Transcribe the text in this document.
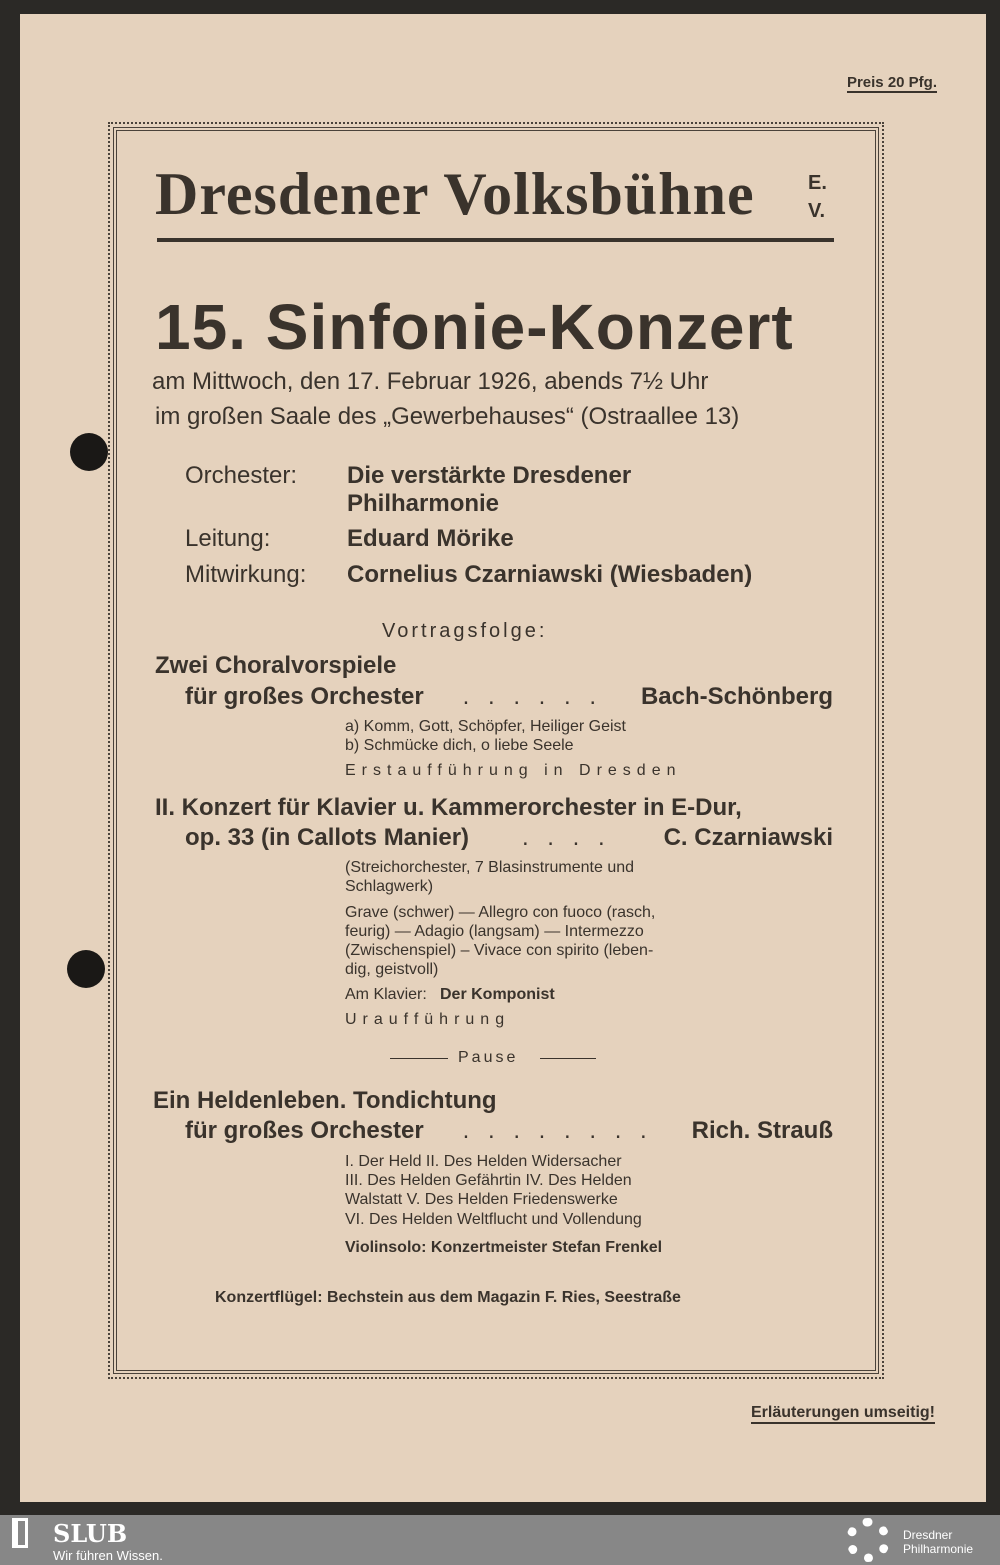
Preis 20 Pfg.
Dresdener Volksbühne	E.
V.
15. Sinfonie-Konzert
am Mittwoch, den 17. Februar 1926, abends 7½ Uhr
im großen Saale des „Gewerbehauses“ (Ostraallee 13)
Orchester: Die verstärkte Dresdener
Philharmonie
Leitung:	Eduard Mörike
Mitwirkung: Cornelius Czarniawski (Wiesbaden)
Vortragsfolge:
Zwei Choralvorspiele
für großes Orchester	. . . . . .	Bach-Schönberg
a) Komm, Gott, Schöpfer, Heiliger Geist
b) Schmücke dich, o liebe Seele
Erstaufführung in Dresden
II. Konzert für Klavier u. Kammerorchester in E-Dur,
op. 33 (in Callots Manier)	. . . .	C. Czarniawski
(Streichorchester, 7 Blasinstrumente und
Schlagwerk)
Grave (schwer) — Allegro con fuoco (rasch,
feurig) — Adagio (langsam) — Intermezzo
(Zwischenspiel) – Vivace con spirito (leben-
dig, geistvoll)
Am Klavier: Der Komponist
Uraufführung
Pause
Ein Heldenleben. Tondichtung
für großes Orchester	. . . . . . . .	Rich. Strauß
I. Der Held II. Des Helden Widersacher
III. Des Helden Gefährtin IV. Des Helden
Walstatt V. Des Helden Friedenswerke
VI. Des Helden Weltflucht und Vollendung
Violinsolo: Konzertmeister Stefan Frenkel
Konzertflügel: Bechstein aus dem Magazin F. Ries, Seestraße
Erläuterungen umseitig!
SLUB
Wir führen Wissen.
Dresdner
Philharmonie
